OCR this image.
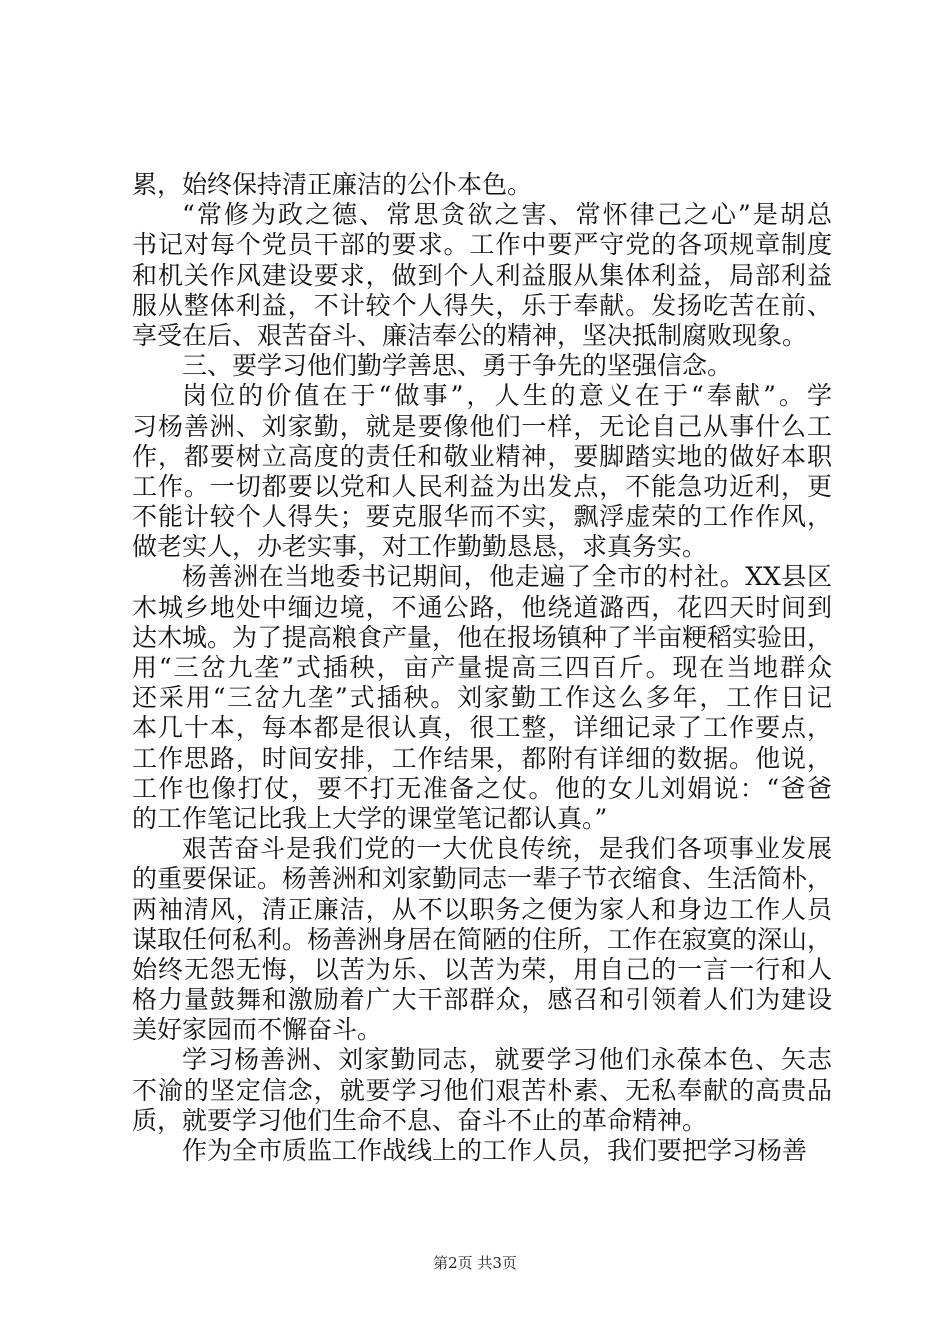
累，始终保持清正廉洁的公仆本色。
“常修为政之德、常思贪欲之害、常怀律己之心”是胡总
书记对每个党员干部的要求。工作中要严守党的各项规章制度
和机关作风建设要求，做到个人利益服从集体利益，局部利益
服从整体利益，不计较个人得失，乐于奉献。发扬吃苦在前、
享受在后、艰苦奋斗、廉洁奉公的精神，坚决抵制腐败现象。
三、要学习他们勤学善思、勇于争先的坚强信念。
岗位的价值在于“做事”，人生的意义在于“奉献”。学
习杨善洲、刘家勤，就是要像他们一样，无论自己从事什么工
作，都要树立高度的责任和敬业精神，要脚踏实地的做好本职
工作。一切都要以党和人民利益为出发点，不能急功近利，更
不能计较个人得失；要克服华而不实，飘浮虚荣的工作作风，
做老实人，办老实事，对工作勤勤恳恳，求真务实。
杨善洲在当地委书记期间，他走遍了全市的村社。XX县区
木城乡地处中缅边境，不通公路，他绕道潞西，花四天时间到
达木城。为了提高粮食产量，他在报场镇种了半亩粳稻实验田，
用“三岔九垄”式插秧，亩产量提高三四百斤。现在当地群众
还采用“三岔九垄”式插秧。刘家勤工作这么多年，工作日记
本几十本，每本都是很认真，很工整，详细记录了工作要点，
工作思路，时间安排，工作结果，都附有详细的数据。他说，
工作也像打仗，要不打无准备之仗。他的女儿刘娟说：“爸爸
的工作笔记比我上大学的课堂笔记都认真。”
艰苦奋斗是我们党的一大优良传统，是我们各项事业发展
的重要保证。杨善洲和刘家勤同志一辈子节衣缩食、生活简朴，
两袖清风，清正廉洁，从不以职务之便为家人和身边工作人员
谋取任何私利。杨善洲身居在简陋的住所，工作在寂寞的深山，
始终无怨无悔，以苦为乐、以苦为荣，用自己的一言一行和人
格力量鼓舞和激励着广大干部群众，感召和引领着人们为建设
美好家园而不懈奋斗。
学习杨善洲、刘家勤同志，就要学习他们永葆本色、矢志
不渝的坚定信念，就要学习他们艰苦朴素、无私奉献的高贵品
质，就要学习他们生命不息、奋斗不止的革命精神。
作为全市质监工作战线上的工作人员，我们要把学习杨善
第2页 共3页
